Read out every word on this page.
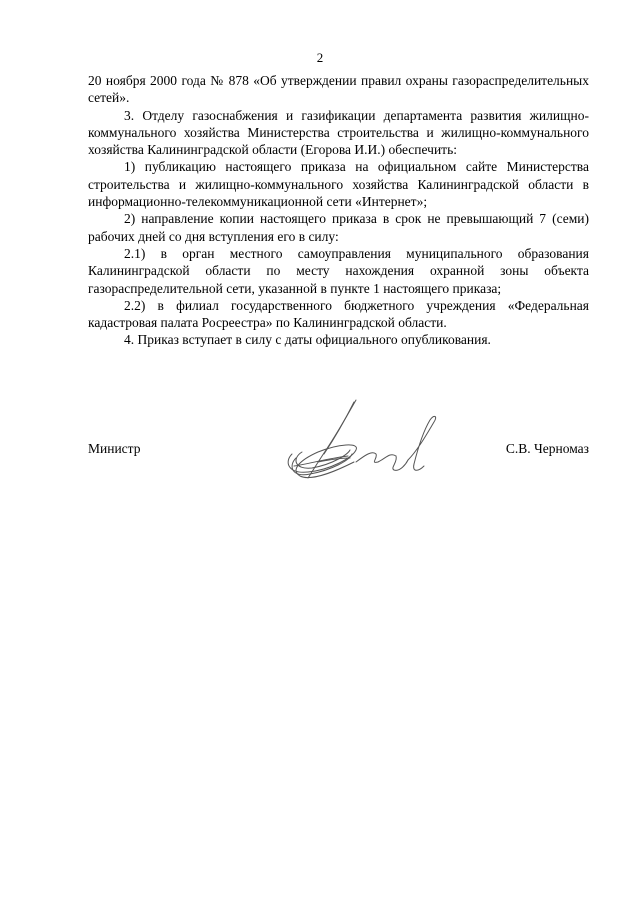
2

20 ноября 2000 года № 878 «Об утверждении правил охраны газораспределительных сетей».

3. Отделу газоснабжения и газификации департамента развития жилищно-коммунального хозяйства Министерства строительства и жилищно-коммунального хозяйства Калининградской области (Егорова И.И.) обеспечить:

1) публикацию настоящего приказа на официальном сайте Министерства строительства и жилищно-коммунального хозяйства Калининградской области в информационно-телекоммуникационной сети «Интернет»;

2) направление копии настоящего приказа в срок не превышающий 7 (семи) рабочих дней со дня вступления его в силу:

2.1) в орган местного самоуправления муниципального образования Калининградской области по месту нахождения охранной зоны объекта газораспределительной сети, указанной в пункте 1 настоящего приказа;

2.2) в филиал государственного бюджетного учреждения «Федеральная кадастровая палата Росреестра» по Калининградской области.

4. Приказ вступает в силу с даты официального опубликования.

Министр	С.В. Черномаз
